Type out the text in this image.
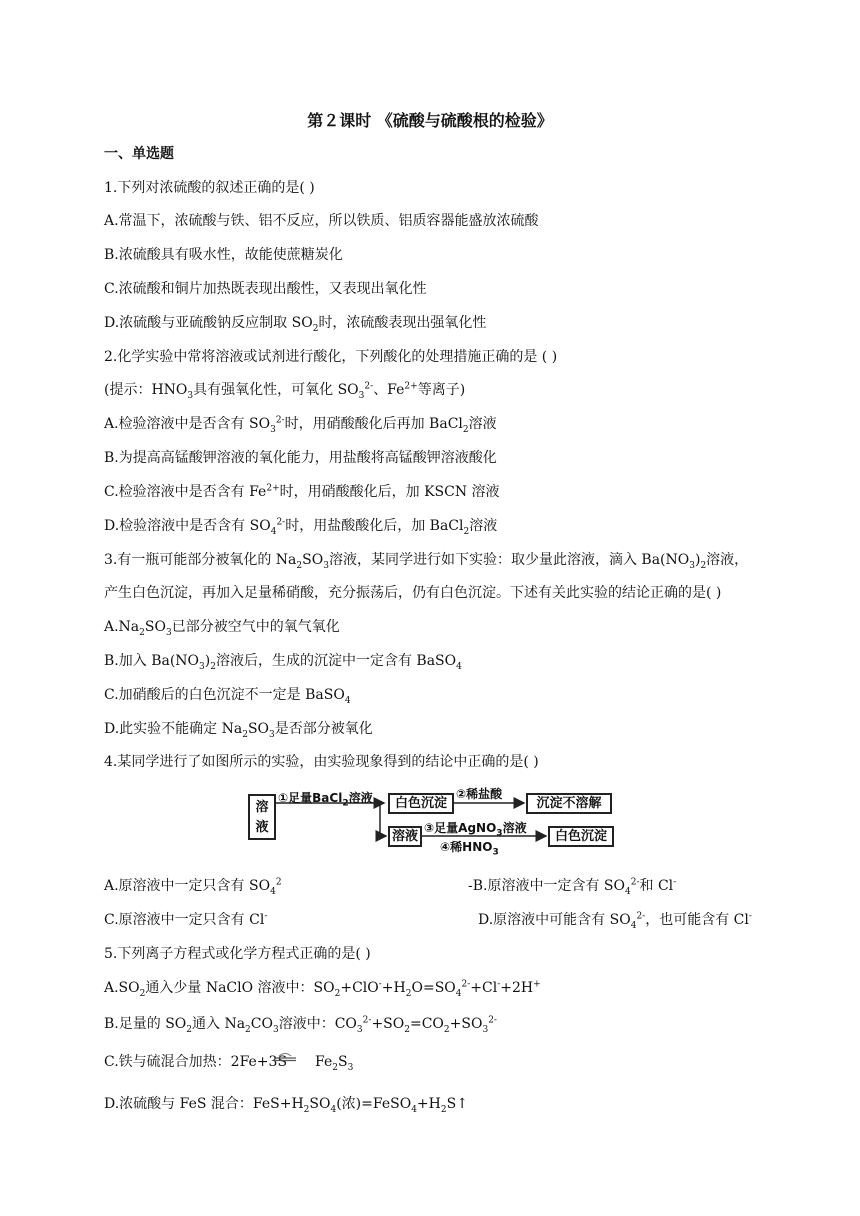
第２课时 《硫酸与硫酸根的检验》
一、单选题
1.下列对浓硫酸的叙述正确的是( )
A.常温下，浓硫酸与铁、铝不反应，所以铁质、铝质容器能盛放浓硫酸
B.浓硫酸具有吸水性，故能使蔗糖炭化
C.浓硫酸和铜片加热既表现出酸性，又表现出氧化性
D.浓硫酸与亚硫酸钠反应制取 $SO_2$时，浓硫酸表现出强氧化性
2.化学实验中常将溶液或试剂进行酸化，下列酸化的处理措施正确的是 ( )
(提示：$HNO_3$具有强氧化性，可氧化 $SO_3^{2-}$、$Fe^{2+}$等离子)
A.检验溶液中是否含有 $SO_3^{2-}$时，用硝酸酸化后再加 BaCl$_2$溶液
B.为提高高锰酸钾溶液的氧化能力，用盐酸将高锰酸钾溶液酸化
C.检验溶液中是否含有 $Fe^{2+}$时，用硝酸酸化后，加 KSCN 溶液
D.检验溶液中是否含有 $SO_4^{2-}$时，用盐酸酸化后，加 BaCl$_2$溶液
3.有一瓶可能部分被氧化的 $Na_2SO_3$溶液，某同学进行如下实验：取少量此溶液，滴入 $Ba(NO_3)_2$溶液，
产生白色沉淀，再加入足量稀硝酸，充分振荡后，仍有白色沉淀。下述有关此实验的结论正确的是( )
$A.Na_2SO_3$已部分被空气中的氧气氧化
B.加入 $Ba(NO_3)_2$溶液后，生成的沉淀中一定含有 BaSO$_4$
C.加硝酸后的白色沉淀不一定是 BaSO$_4$
D.此实验不能确定 $Na_2SO_3$是否部分被氧化
4.某同学进行了如图所示的实验，由实验现象得到的结论中正确的是( )
溶液
①足量BaCl$_2$溶液	白色沉淀
②稀盐酸
沉淀不溶解
溶液
③足量AgNO$_3$溶液
④稀$HNO_3$
白色沉淀
A.原溶液中一定只含有 $SO_4^2$	-B.原溶液中一定含有 $SO_4^{2-}$和 Cl-
C.原溶液中一定只含有 Cl-	D.原溶液中可能含有 $SO_4^{2-}$，也可能含有 Cl-
5.下列离子方程式或化学方程式正确的是( )
$A.SO_2$通入少量 NaClO 溶液中：$SO_2+ClO^-+H_2O=SO_4^{2-}+Cl^-+2H^+$
B.足量的 $SO_2$通入 $Na_2CO_3$溶液中：$CO_3^{2-}+SO_2=CO_2+SO_3^{2-}$
C.铁与硫混合加热：2Fe+3S $Fe_2S_3$
D.浓硫酸与 FeS 混合：$FeS+H_2SO_4$(浓)$=FeSO_4+H_2S↑$
